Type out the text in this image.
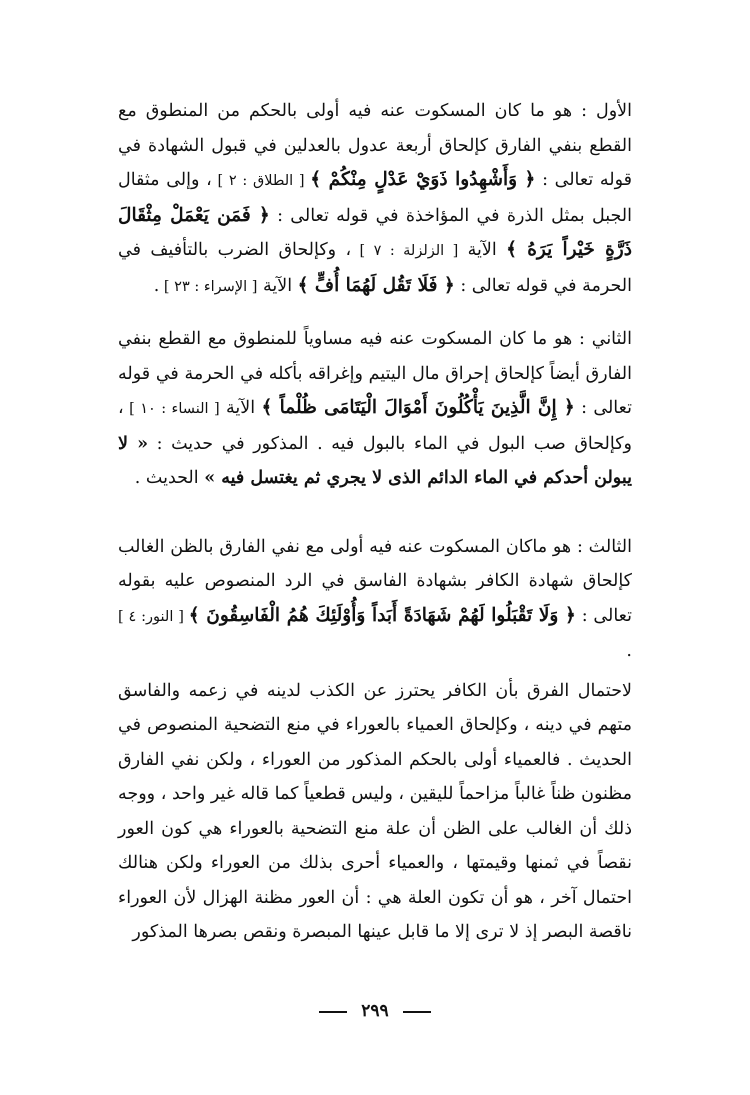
الأول : هو ما كان المسكوت عنه فيه أولى بالحكم من المنطوق مع القطع بنفي الفارق كإلحاق أربعة عدول بالعدلين في قبول الشهادة في قوله تعالى : ﴿ وَأَشْهِدُوا ذَوَيْ عَدْلٍ مِنْكُمْ ﴾ [ الطلاق : ٢ ] ، وإلى مثقال الجبل بمثل الذرة في المؤاخذة في قوله تعالى : ﴿ فَمَن يَعْمَلْ مِثْقَالَ ذَرَّةٍ خَيْراً يَرَهُ ﴾ الآية [ الزلزلة : ٧ ] ، وكإلحاق الضرب بالتأفيف في الحرمة في قوله تعالى : ﴿ فَلَا تَقُل لَهُمَا أُفٍّ ﴾ الآية [ الإسراء : ٢٣ ] .

الثاني : هو ما كان المسكوت عنه فيه مساوياً للمنطوق مع القطع بنفي الفارق أيضاً كإلحاق إحراق مال اليتيم وإغراقه بأكله في الحرمة في قوله تعالى : ﴿ إِنَّ الَّذِينَ يَأْكُلُونَ أَمْوَالَ الْيَتَامَى ظُلْماً ﴾ الآية [ النساء : ١٠ ] ، وكإلحاق صب البول في الماء بالبول فيه . المذكور في حديث : « لا يبولن أحدكم في الماء الدائم الذى لا يجري ثم يغتسل فيه » الحديث .

الثالث : هو ماكان المسكوت عنه فيه أولى مع نفي الفارق بالظن الغالب كإلحاق شهادة الكافر بشهادة الفاسق في الرد المنصوص عليه بقوله تعالى : ﴿ وَلَا تَقْبَلُوا لَهُمْ شَهَادَةً أَبَداً وَأُوْلَئِكَ هُمُ الْفَاسِقُونَ ﴾ [ النور: ٤ ] .

لاحتمال الفرق بأن الكافر يحترز عن الكذب لدينه في زعمه والفاسق متهم في دينه ، وكإلحاق العمياء بالعوراء في منع التضحية المنصوص في الحديث . فالعمياء أولى بالحكم المذكور من العوراء ، ولكن نفي الفارق مظنون ظناً غالباً مزاحماً لليقين ، وليس قطعياً كما قاله غير واحد ، ووجه ذلك أن الغالب على الظن أن علة منع التضحية بالعوراء هي كون العور نقصاً في ثمنها وقيمتها ، والعمياء أحرى بذلك من العوراء ولكن هنالك احتمال آخر ، هو أن تكون العلة هي : أن العور مظنة الهزال لأن العوراء ناقصة البصر إذ لا ترى إلا ما قابل عينها المبصرة ونقص بصرها المذكور

٢٩٩
